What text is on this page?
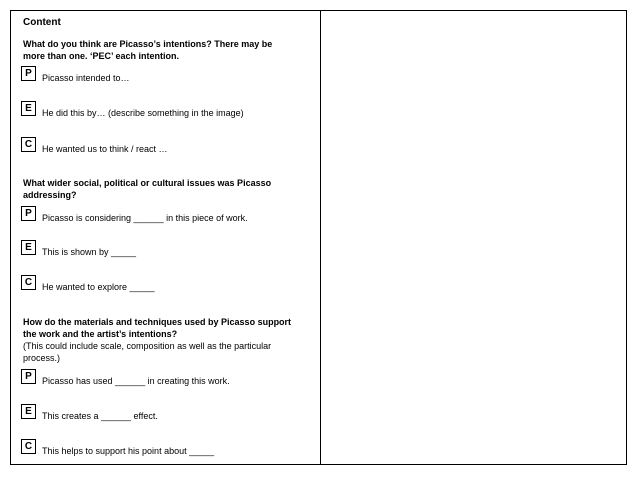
Content
What do you think are Picasso’s intentions? There may be
more than one. ‘PEC’ each intention.
P	Picasso intended to…
E	He did this by… (describe something in the image)
C	He wanted us to think / react …
What wider social, political or cultural issues was Picasso
addressing?
P	Picasso is considering ______ in this piece of work.
E	This is shown by _____
C	He wanted to explore _____
How do the materials and techniques used by Picasso support
the work and the artist’s intentions?
(This could include scale, composition as well as the particular
process.)
P	Picasso has used ______ in creating this work.
E	This creates a ______ effect.
C	This helps to support his point about _____
